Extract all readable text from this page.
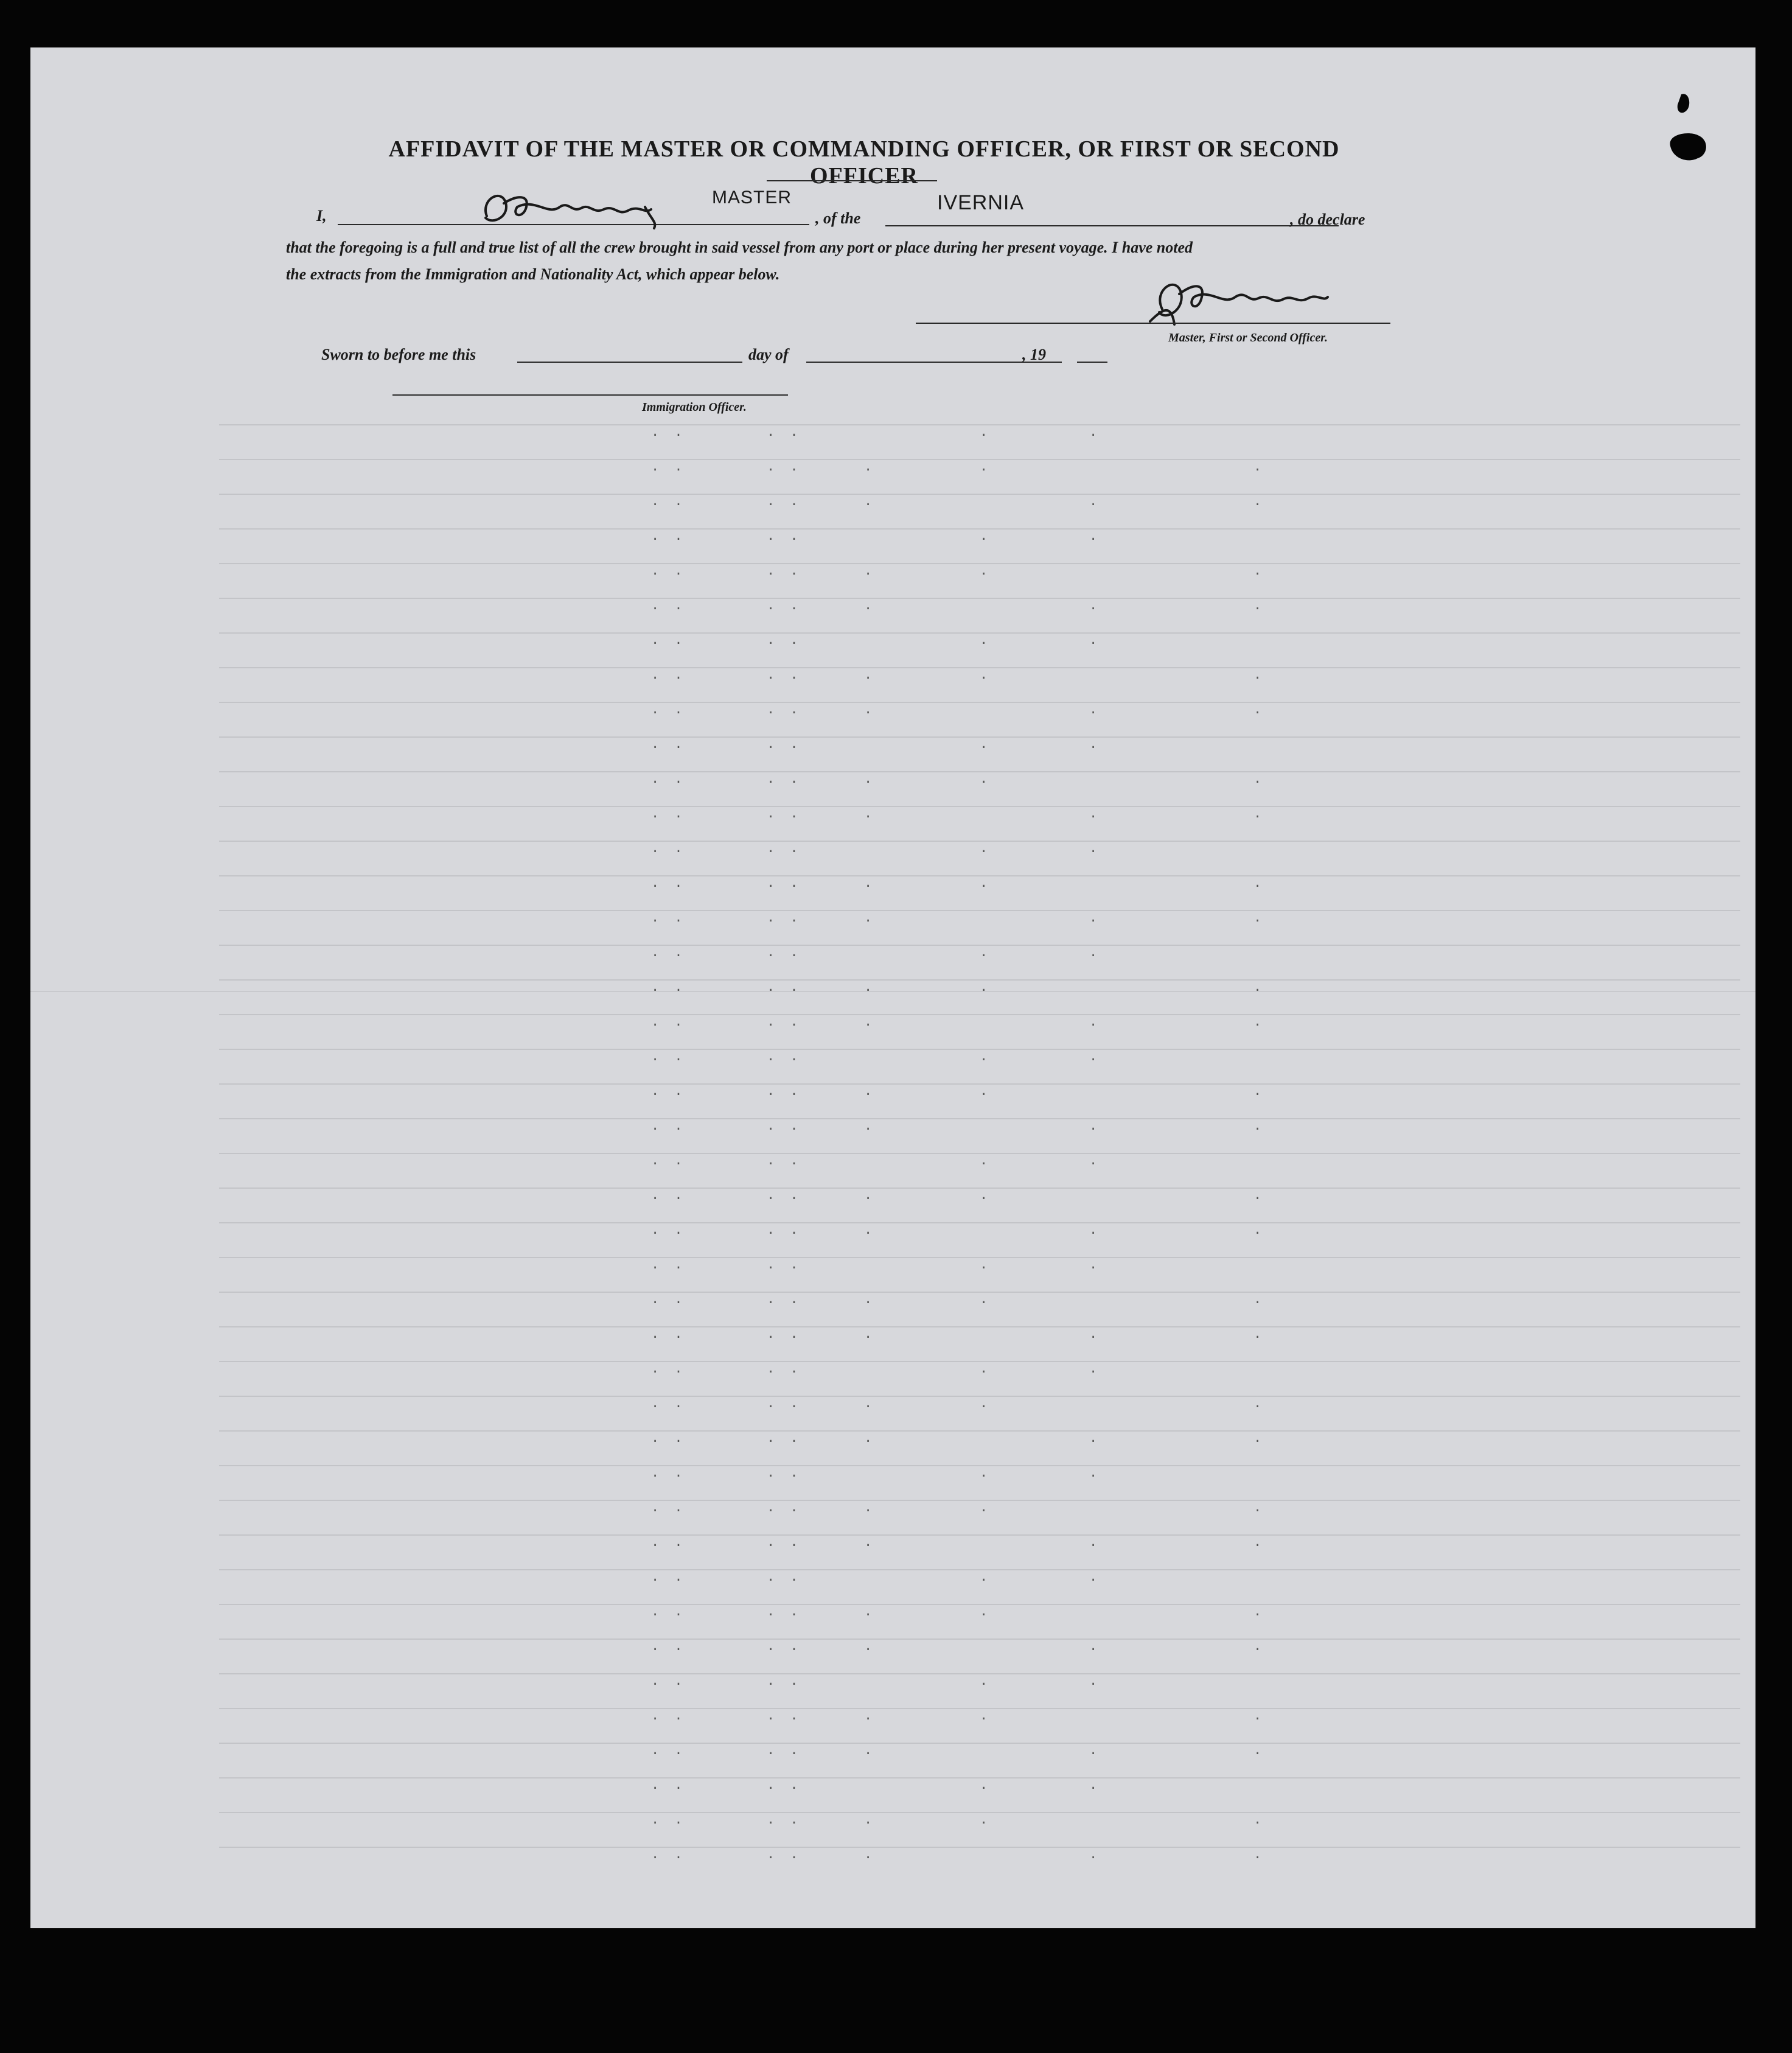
AFFIDAVIT OF THE MASTER OR COMMANDING OFFICER, OR FIRST OR SECOND OFFICER
I,
MASTER
, of the
IVERNIA
, do declare
that the foregoing is a full and true list of all the crew brought in said vessel from any port or place during her present voyage. I have noted
the extracts from the Immigration and Nationality Act, which appear below.
Master, First or Second Officer.
Sworn to before me this	day of	, 19
Immigration Officer.
. .	. .	.	.
. .	. .	.	.	.
. .	. .	.	.	.
. .	. .	.	.
. .	. .	.	.	.
. .	. .	.	.	.
. .	. .	.	.
. .	. .	.	.	.
. .	. .	.	.	.
. .	. .	.	.
. .	. .	.	.	.
. .	. .	.	.	.
. .	. .	.	.
. .	. .	.	.	.
. .	. .	.	.	.
. .	. .	.	.
. .	. .	.	.	.
. .	. .	.	.	.
. .	. .	.	.
. .	. .	.	.	.
. .	. .	.	.	.
. .	. .	.	.
. .	. .	.	.	.
. .	. .	.	.	.
. .	. .	.	.
. .	. .	.	.	.
. .	. .	.	.	.
. .	. .	.	.
. .	. .	.	.	.
. .	. .	.	.	.
. .	. .	.	.
. .	. .	.	.	.
. .	. .	.	.	.
. .	. .	.	.
. .	. .	.	.	.
. .	. .	.	.	.
. .	. .	.	.
. .	. .	.	.	.
. .	. .	.	.	.
. .	. .	.	.
. .	. .	.	.	.
. .	. .	.	.	.
